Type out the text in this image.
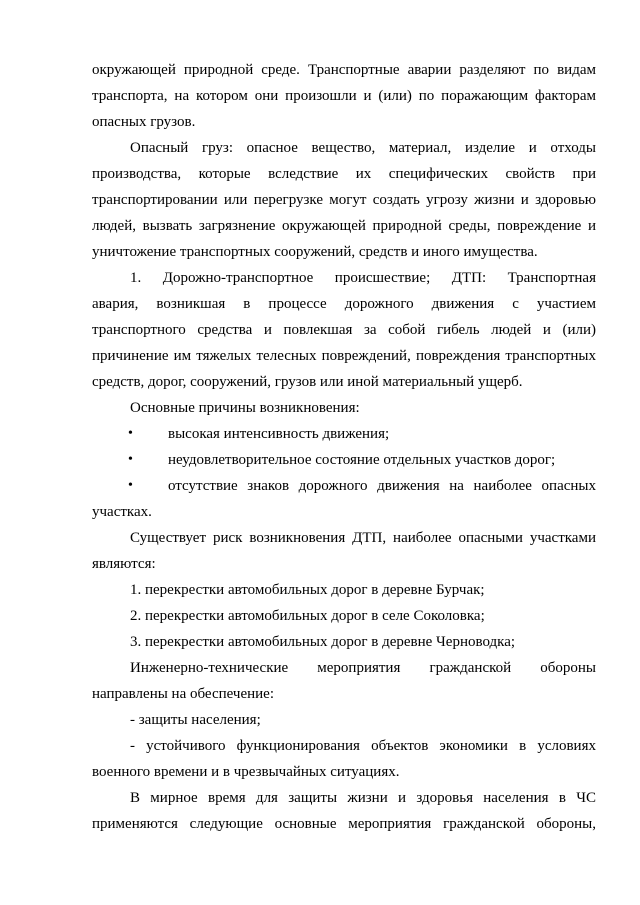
окружающей природной среде. Транспортные аварии разделяют по видам
транспорта, на котором они произошли и (или) по поражающим факторам
опасных грузов.
Опасный груз: опасное вещество, материал, изделие и отходы
производства, которые вследствие их специфических свойств при
транспортировании или перегрузке могут создать угрозу жизни и здоровью
людей, вызвать загрязнение окружающей природной среды, повреждение и
уничтожение транспортных сооружений, средств и иного имущества.
1. Дорожно-транспортное происшествие; ДТП: Транспортная
авария, возникшая в процессе дорожного движения с участием
транспортного средства и повлекшая за собой гибель людей и (или)
причинение им тяжелых телесных повреждений, повреждения транспортных
средств, дорог, сооружений, грузов или иной материальный ущерб.
Основные причины возникновения:
•	высокая интенсивность движения;
•	неудовлетворительное состояние отдельных участков дорог;
•	отсутствие знаков дорожного движения на наиболее опасных
участках.
Существует риск возникновения ДТП, наиболее опасными участками
являются:
1. перекрестки автомобильных дорог в деревне Бурчак;
2. перекрестки автомобильных дорог в селе Соколовка;
3. перекрестки автомобильных дорог в деревне Черноводка;
Инженерно-технические мероприятия гражданской обороны
направлены на обеспечение:
- защиты населения;
- устойчивого функционирования объектов экономики в условиях
военного времени и в чрезвычайных ситуациях.
В мирное время для защиты жизни и здоровья населения в ЧС
применяются следующие основные мероприятия гражданской обороны,
